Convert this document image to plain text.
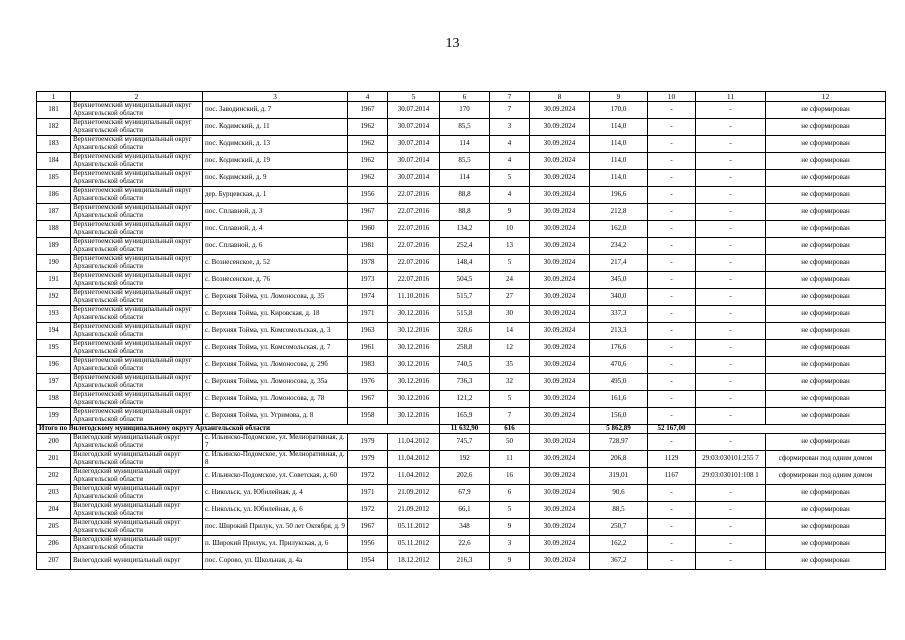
13
1	2	3	4	5	6	7	8	9	10	11	12
181	Верхнетоемский муниципальный округ Архангельской области	пос. Заводинский, д. 7	1967	30.07.2014	170	7	30.09.2024	170,0	-	-	не сформирован
182	Верхнетоемский муниципальный округ Архангельской области	пос. Кодимский, д. 11	1962	30.07.2014	85,5	3	30.09.2024	114,0	-	-	не сформирован
183	Верхнетоемский муниципальный округ Архангельской области	пос. Кодимский, д. 13	1962	30.07.2014	114	4	30.09.2024	114,0	-	-	не сформирован
184	Верхнетоемский муниципальный округ Архангельской области	пос. Кодимский, д. 19	1962	30.07.2014	85,5	4	30.09.2024	114,0	-	-	не сформирован
185	Верхнетоемский муниципальный округ Архангельской области	пос. Кодимский, д. 9	1962	30.07.2014	114	5	30.09.2024	114,0	-	-	не сформирован
186	Верхнетоемский муниципальный округ Архангельской области	дер. Бурцевская, д. 1	1956	22.07.2016	88,8	4	30.09.2024	196,6	-	-	не сформирован
187	Верхнетоемский муниципальный округ Архангельской области	пос. Сплавной, д. 3	1967	22.07.2016	88,8	9	30.09.2024	212,8	-	-	не сформирован
188	Верхнетоемский муниципальный округ Архангельской области	пос. Сплавной, д. 4	1960	22.07.2016	134,2	10	30.09.2024	162,0	-	-	не сформирован
189	Верхнетоемский муниципальный округ Архангельской области	пос. Сплавной, д. 6	1981	22.07.2016	252,4	13	30.09.2024	234,2	-	-	не сформирован
190	Верхнетоемский муниципальный округ Архангельской области	с. Вознесенское, д. 52	1978	22.07.2016	148,4	5	30.09.2024	217,4	-	-	не сформирован
191	Верхнетоемский муниципальный округ Архангельской области	с. Вознесенское, д. 76	1973	22.07.2016	504,5	24	30.09.2024	345,0	-	-	не сформирован
192	Верхнетоемский муниципальный округ Архангельской области	с. Верхняя Тойма, ул. Ломоносова, д. 35	1974	11.10.2016	515,7	27	30.09.2024	340,0	-	-	не сформирован
193	Верхнетоемский муниципальный округ Архангельской области	с. Верхняя Тойма, ул. Кировская, д. 18	1971	30.12.2016	515,8	30	30.09.2024	337,3	-	-	не сформирован
194	Верхнетоемский муниципальный округ Архангельской области	с. Верхняя Тойма, ул. Комсомольская, д. 3	1963	30.12.2016	328,6	14	30.09.2024	213,3	-	-	не сформирован
195	Верхнетоемский муниципальный округ Архангельской области	с. Верхняя Тойма, ул. Комсомольская, д. 7	1961	30.12.2016	258,8	12	30.09.2024	176,6	-	-	не сформирован
196	Верхнетоемский муниципальный округ Архангельской области	с. Верхняя Тойма, ул. Ломоносова, д. 29б	1983	30.12.2016	740,5	35	30.09.2024	470,6	-	-	не сформирован
197	Верхнетоемский муниципальный округ Архангельской области	с. Верхняя Тойма, ул. Ломоносова, д. 35а	1976	30.12.2016	736,3	32	30.09.2024	495,0	-	-	не сформирован
198	Верхнетоемский муниципальный округ Архангельской области	с. Верхняя Тойма, ул. Ломоносова, д. 78	1967	30.12.2016	121,2	5	30.09.2024	161,6	-	-	не сформирован
199	Верхнетоемский муниципальный округ Архангельской области	с. Верхняя Тойма, ул. Угримова, д. 8	1958	30.12.2016	165,9	7	30.09.2024	156,0	-	-	не сформирован
Итого по Вилегодскому муниципальному округу Архангельской области					11 632,90	616		5 862,89	52 167,00		
200	Вилегодский муниципальный округ Архангельской области	с. Ильинско-Подомское, ул. Мелиоративная, д. 7	1979	11.04.2012	745,7	50	30.09.2024	728,97	-	-	не сформирован
201	Вилегодский муниципальный округ Архангельской области	с. Ильинско-Подомское, ул. Мелиоративная, д. 8	1979	11.04.2012	192	11	30.09.2024	206,8	1129	29:03:030101:255 7	сформирован под одним домом
202	Вилегодский муниципальный округ Архангельской области	с. Ильинско-Подомское, ул. Советская, д. 60	1972	11.04.2012	202,6	16	30.09.2024	319,01	1167	29:03:030101:108 1	сформирован под одним домом
203	Вилегодский муниципальный округ Архангельской области	с. Никольск, ул. Юбилейная, д. 4	1971	21.09.2012	67,9	6	30.09.2024	90,6	-	-	не сформирован
204	Вилегодский муниципальный округ Архангельской области	с. Никольск, ул. Юбилейная, д. 6	1972	21.09.2012	66,1	5	30.09.2024	88,5	-	-	не сформирован
205	Вилегодский муниципальный округ Архангельской области	пос. Широкий Прилук, ул. 50 лет Октября, д. 9	1967	05.11.2012	348	9	30.09.2024	250,7	-	-	не сформирован
206	Вилегодский муниципальный округ Архангельской области	п. Широкий Прилук, ул. Прилукская, д. 6	1956	05.11.2012	22,6	3	30.09.2024	162,2	-	-	не сформирован
207	Вилегодский муниципальный округ	пос. Сорово, ул. Школьная, д. 4а	1954	18.12.2012	216,3	9	30.09.2024	367,2	-	-	не сформирован
